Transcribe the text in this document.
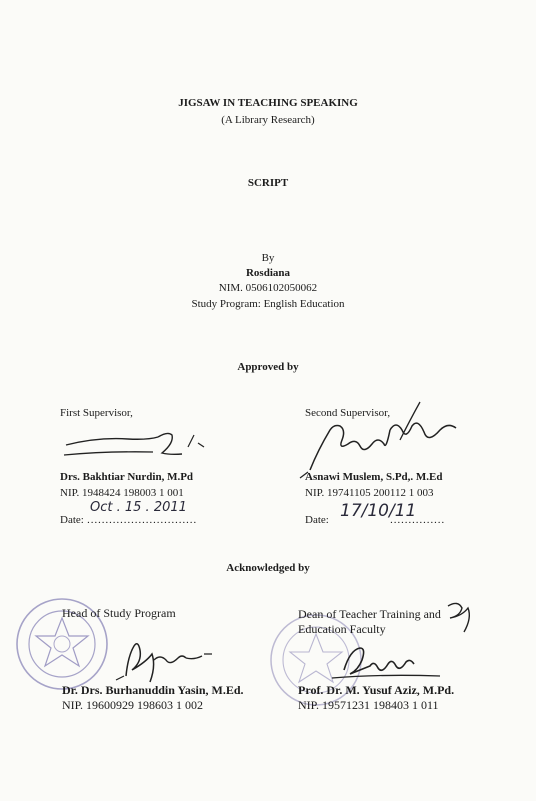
JIGSAW IN TEACHING SPEAKING
(A Library Research)
SCRIPT
By
Rosdiana
NIM. 0506102050062
Study Program: English Education
Approved by
First Supervisor,
Drs. Bakhtiar Nurdin, M.Pd
NIP. 1948424 198003 1 001
Date: …………………………
Oct . 15 . 2011
Second Supervisor,
Asnawi Muslem, S.Pd,. M.Ed
NIP. 19741105 200112 1 003
Date:	……………
17/10/11
Acknowledged by
Head of Study Program
Dr. Drs. Burhanuddin Yasin, M.Ed.
NIP. 19600929 198603 1 002
Dean of Teacher Training and
Education Faculty
Prof. Dr. M. Yusuf Aziz, M.Pd.
NIP. 19571231 198403 1 011
